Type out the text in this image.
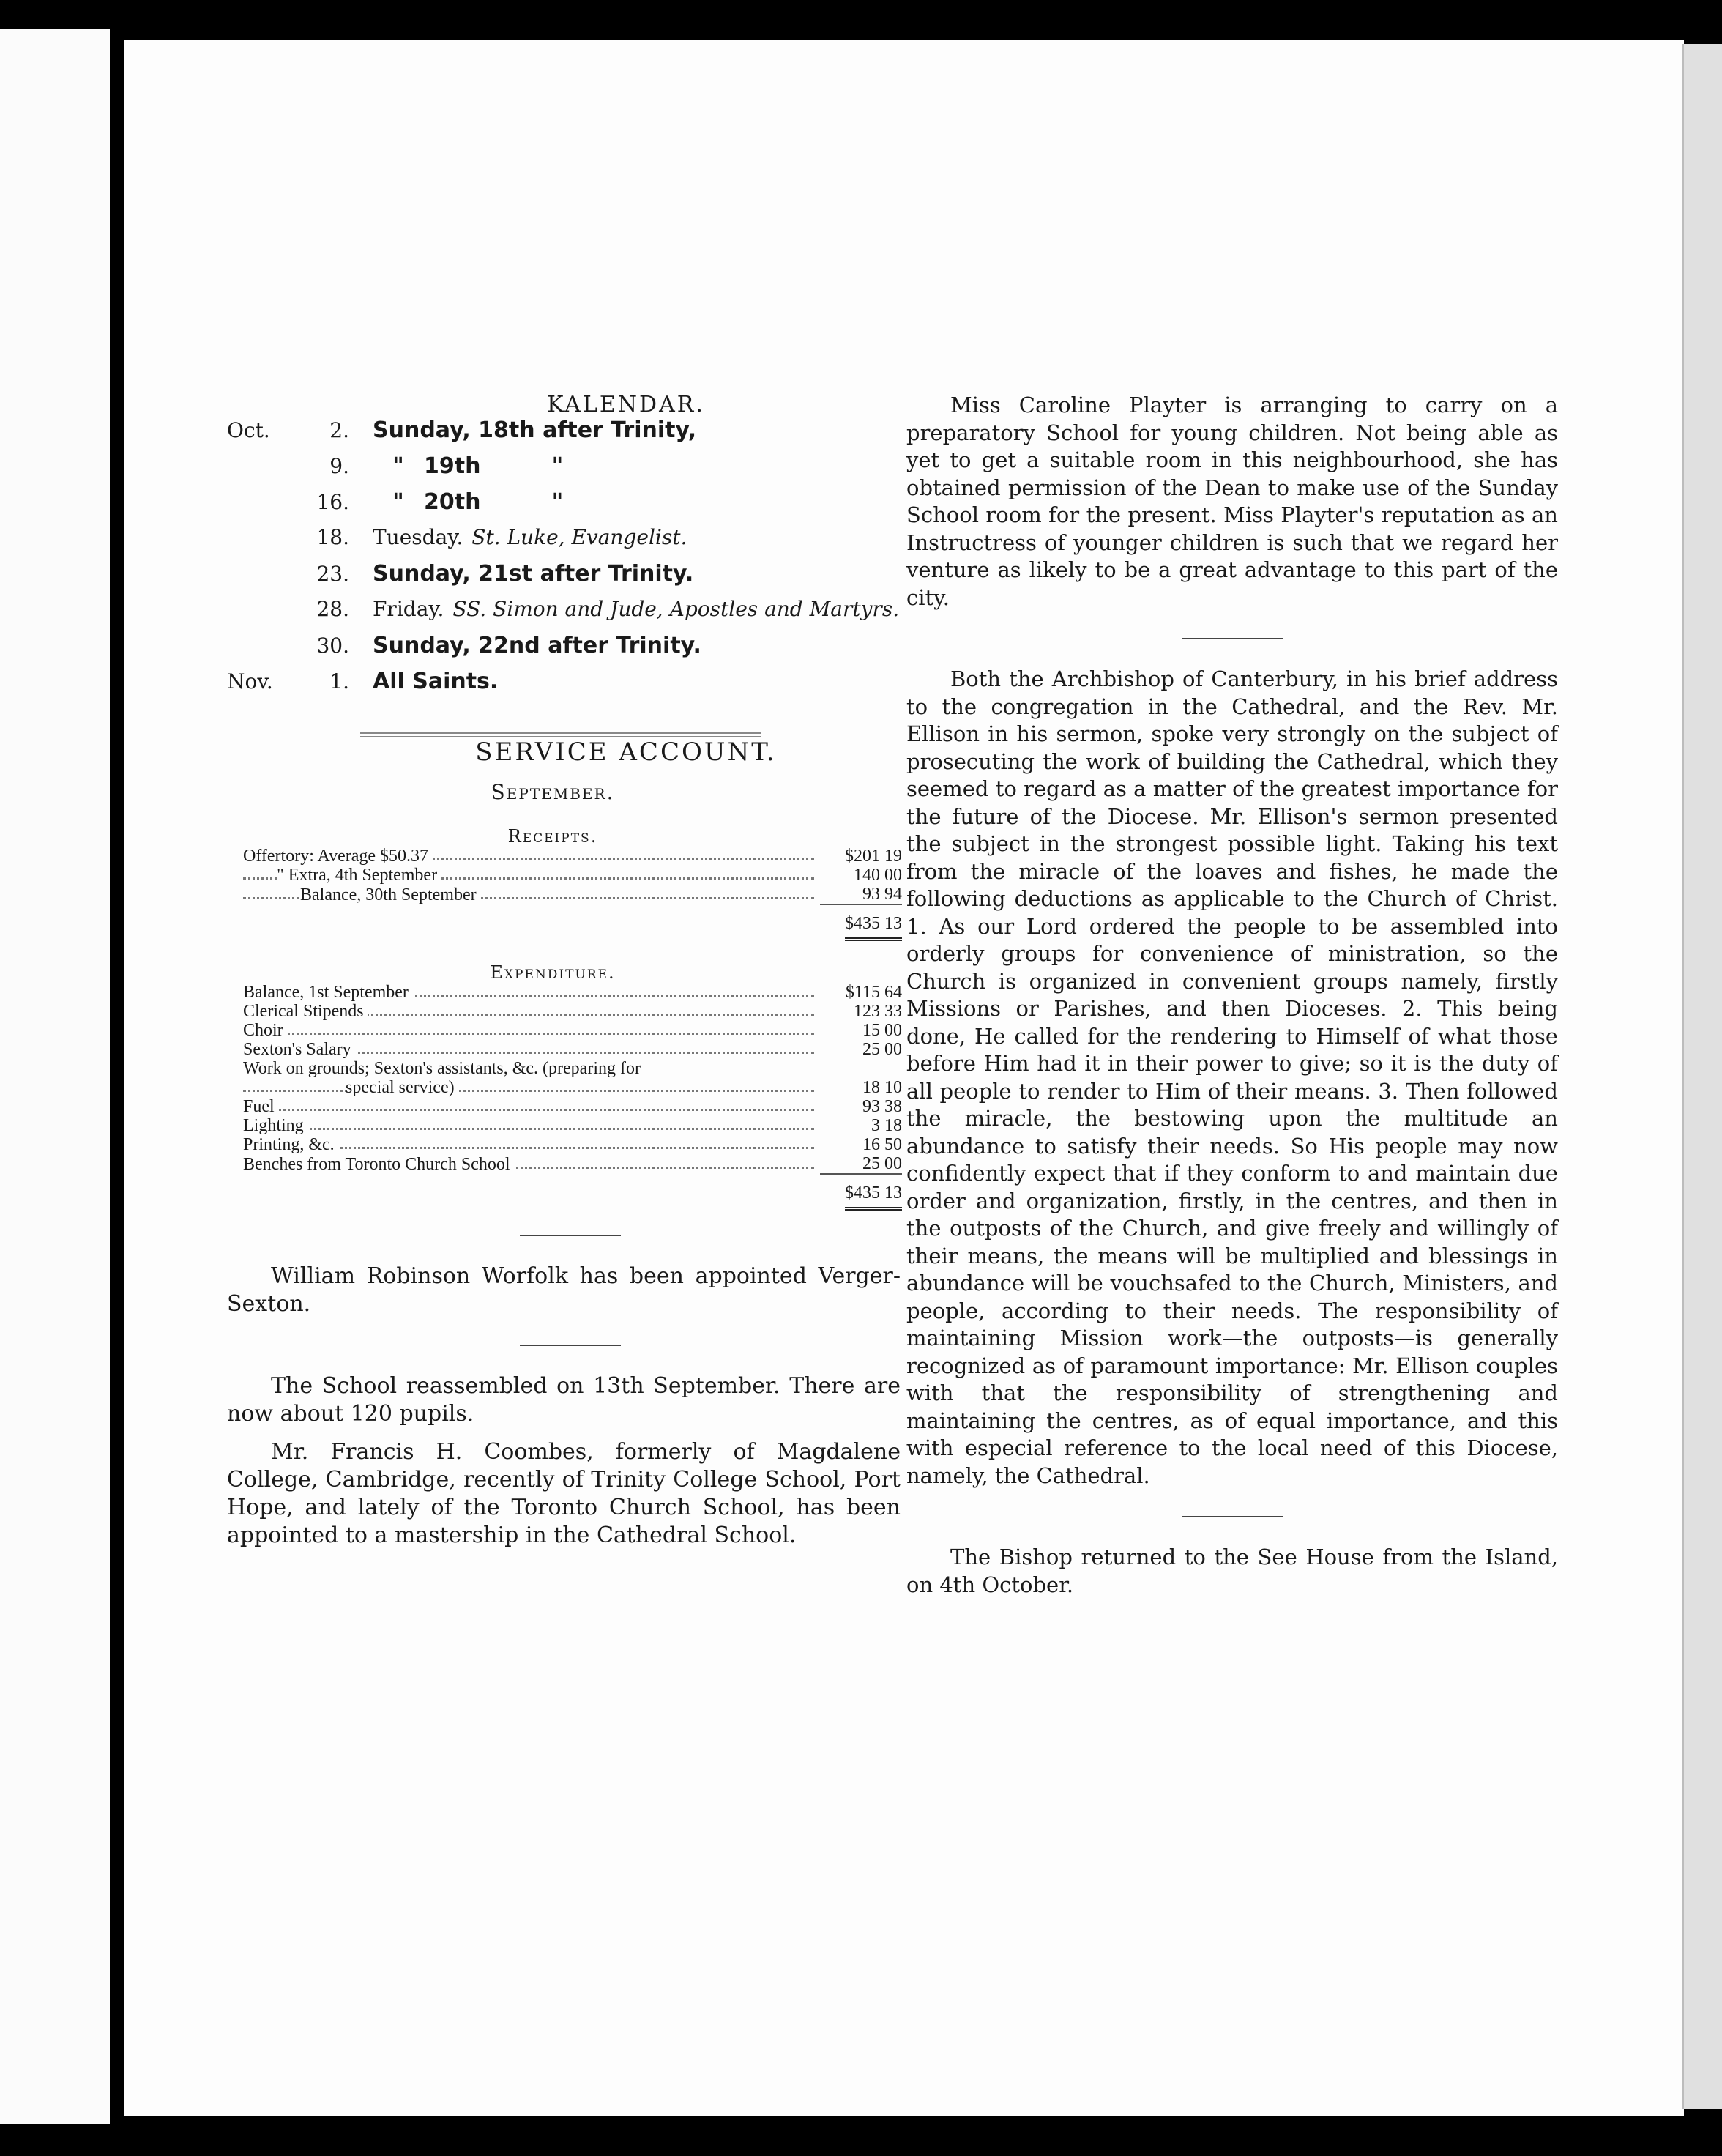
KALENDAR.
Oct.	2.	Sunday, 18th after Trinity,
9.	" 19th	"
16.	" 20th	"
18.	Tuesday. St. Luke, Evangelist.
23.	Sunday, 21st after Trinity.
28.	Friday. SS. Simon and Jude, Apostles and Martyrs.
30.	Sunday, 22nd after Trinity.
Nov.	1.	All Saints.
SERVICE ACCOUNT.
September.
Receipts.
Offertory: Average $50.37	$201 19
" Extra, 4th September	140 00
Balance, 30th September	93 94
	$435 13
Expenditure.
Balance, 1st September	$115 64
Clerical Stipends	123 33
Choir	15 00
Sexton's Salary	25 00
Work on grounds; Sexton's assistants, &c. (preparing for	
special service)	18 10
Fuel	93 38
Lighting	3 18
Printing, &c.	16 50
Benches from Toronto Church School	25 00
	$435 13

William Robinson Worfolk has been appointed Verger-Sexton.

The School reassembled on 13th September. There are now about 120 pupils.

Mr. Francis H. Coombes, formerly of Magdalene College, Cambridge, recently of Trinity College School, Port Hope, and lately of the Toronto Church School, has been appointed to a mastership in the Cathedral School.

Miss Caroline Playter is arranging to carry on a preparatory School for young children. Not being able as yet to get a suitable room in this neighbourhood, she has obtained permission of the Dean to make use of the Sunday School room for the present. Miss Playter's reputation as an Instructress of younger children is such that we regard her venture as likely to be a great advantage to this part of the city.

Both the Archbishop of Canterbury, in his brief address to the congregation in the Cathedral, and the Rev. Mr. Ellison in his sermon, spoke very strongly on the subject of prosecuting the work of building the Cathedral, which they seemed to regard as a matter of the greatest importance for the future of the Diocese. Mr. Ellison's sermon presented the subject in the strongest possible light. Taking his text from the miracle of the loaves and fishes, he made the following deductions as applicable to the Church of Christ. 1. As our Lord ordered the people to be assembled into orderly groups for convenience of ministration, so the Church is organized in convenient groups namely, firstly Missions or Parishes, and then Dioceses. 2. This being done, He called for the rendering to Himself of what those before Him had it in their power to give; so it is the duty of all people to render to Him of their means. 3. Then followed the miracle, the bestowing upon the multitude an abundance to satisfy their needs. So His people may now confidently expect that if they conform to and maintain due order and organization, firstly, in the centres, and then in the outposts of the Church, and give freely and willingly of their means, the means will be multiplied and blessings in abundance will be vouchsafed to the Church, Ministers, and people, according to their needs. The responsibility of maintaining Mission work—the outposts—is generally recognized as of paramount importance: Mr. Ellison couples with that the responsibility of strengthening and maintaining the centres, as of equal importance, and this with especial reference to the local need of this Diocese, namely, the Cathedral.

The Bishop returned to the See House from the Island, on 4th October.
